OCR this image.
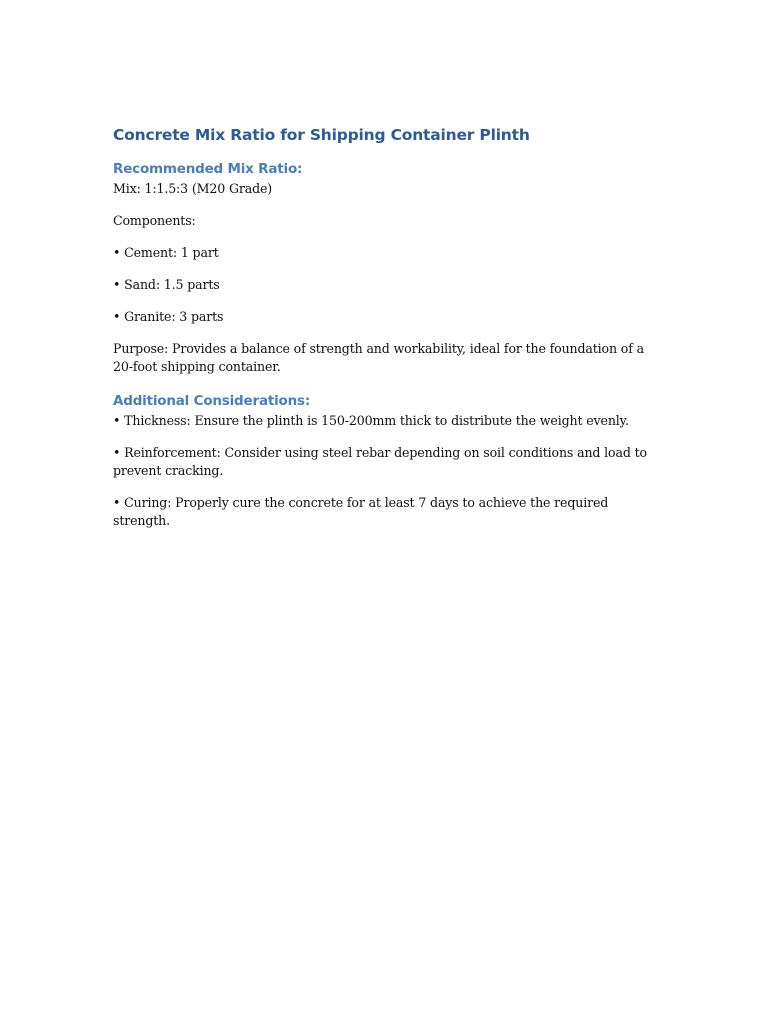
Concrete Mix Ratio for Shipping Container Plinth
Recommended Mix Ratio:

Mix: 1:1.5:3 (M20 Grade)

Components:

• Cement: 1 part

• Sand: 1.5 parts

• Granite: 3 parts

Purpose: Provides a balance of strength and workability, ideal for the foundation of a 20-foot shipping container.

Additional Considerations:

• Thickness: Ensure the plinth is 150-200mm thick to distribute the weight evenly.

• Reinforcement: Consider using steel rebar depending on soil conditions and load to prevent cracking.

• Curing: Properly cure the concrete for at least 7 days to achieve the required strength.
